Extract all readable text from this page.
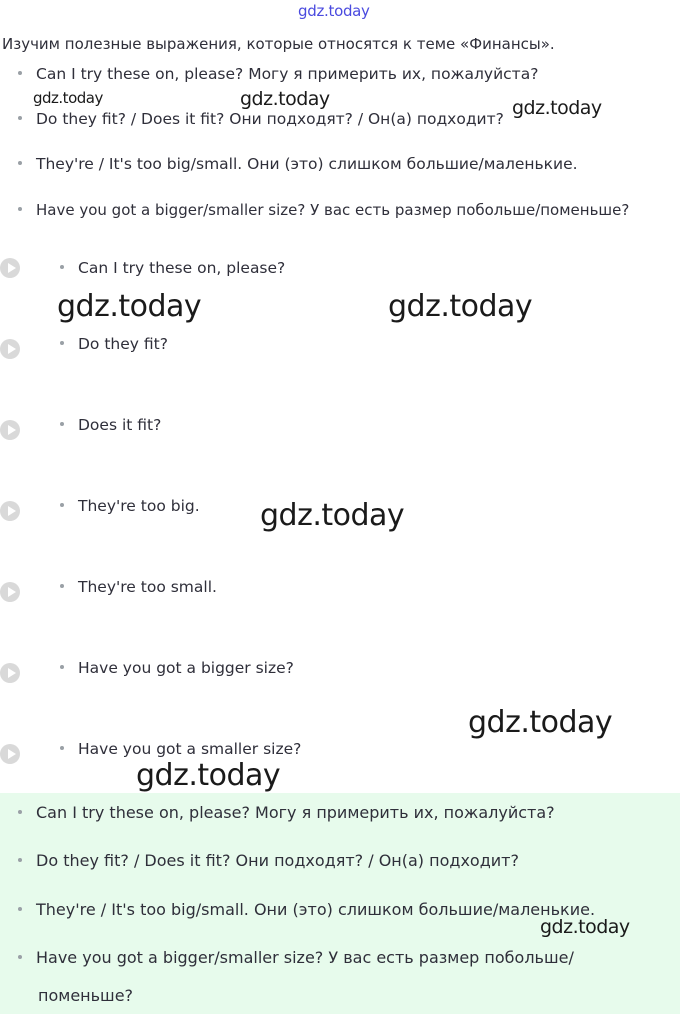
gdz.today
Изучим полезные выражения, которые относятся к теме «Финансы».
Can I try these on, please? Могу я примерить их, пожалуйста?
Do they fit? / Does it fit? Они подходят? / Он(а) подходит?
They're / It's too big/small. Они (это) слишком большие/маленькие.
Have you got a bigger/smaller size? У вас есть размер побольше/поменьше?
Can I try these on, please?
Do they fit?
Does it fit?
They're too big.
They're too small.
Have you got a bigger size?
Have you got a smaller size?
Can I try these on, please? Могу я примерить их, пожалуйста?
Do they fit? / Does it fit? Они подходят? / Он(а) подходит?
They're / It's too big/small. Они (это) слишком большие/маленькие.
Have you got a bigger/smaller size? У вас есть размер побольше/
поменьше?
gdz.today	gdz.today	gdz.today
gdz.today	gdz.today
gdz.today
gdz.today
gdz.today
gdz.today
